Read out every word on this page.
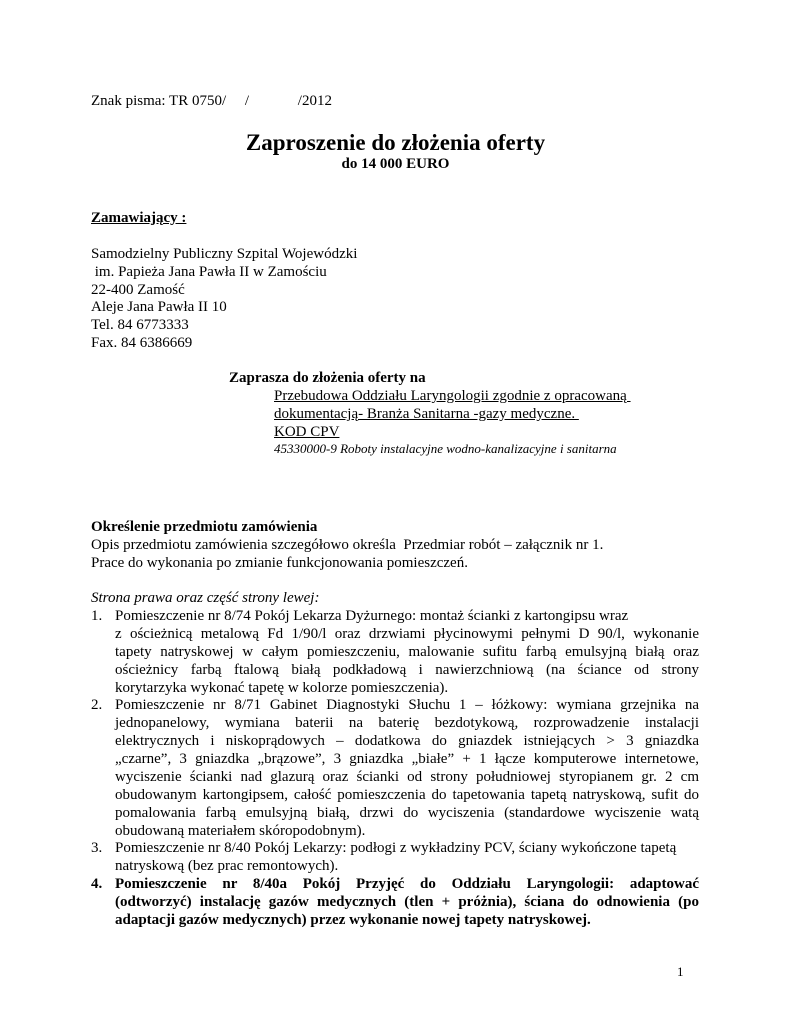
Znak pisma: TR 0750/     /             /2012
Zaproszenie do złożenia oferty
do 14 000 EURO
Zamawiający :
Samodzielny Publiczny Szpital Wojewódzki
im. Papieża Jana Pawła II w Zamościu
22-400 Zamość
Aleje Jana Pawła II 10
Tel. 84 6773333
Fax. 84 6386669
Zaprasza do złożenia oferty na
Przebudowa Oddziału Laryngologii zgodnie z opracowaną
dokumentacją- Branża Sanitarna -gazy medyczne.
KOD CPV
45330000-9 Roboty instalacyjne wodno-kanalizacyjne i sanitarna
Określenie przedmiotu zamówienia
Opis przedmiotu zamówienia szczegółowo określa  Przedmiar robót – załącznik nr 1.
Prace do wykonania po zmianie funkcjonowania pomieszczeń.
Strona prawa oraz część strony lewej:
1. Pomieszczenie nr 8/74 Pokój Lekarza Dyżurnego: montaż ścianki z kartongipsu wraz
z ościeżnicą metalową Fd 1/90/l oraz drzwiami płycinowymi pełnymi D 90/l, wykonanie
tapety natryskowej w całym pomieszczeniu, malowanie sufitu farbą emulsyjną białą oraz
ościeżnicy farbą ftalową białą podkładową i nawierzchniową (na ściance od strony
korytarzyka wykonać tapetę w kolorze pomieszczenia).
2. Pomieszczenie nr 8/71 Gabinet Diagnostyki Słuchu 1 – łóżkowy: wymiana grzejnika na
jednopanelowy, wymiana baterii na baterię bezdotykową, rozprowadzenie instalacji
elektrycznych i niskoprądowych – dodatkowa do gniazdek istniejących > 3 gniazdka
„czarne”, 3 gniazdka „brązowe”, 3 gniazdka „białe” + 1 łącze komputerowe internetowe,
wyciszenie ścianki nad glazurą oraz ścianki od strony południowej styropianem gr. 2 cm
obudowanym kartongipsem, całość pomieszczenia do tapetowania tapetą natryskową, sufit do
pomalowania farbą emulsyjną białą, drzwi do wyciszenia (standardowe wyciszenie watą
obudowaną materiałem skóropodobnym).
3. Pomieszczenie nr 8/40 Pokój Lekarzy: podłogi z wykładziny PCV, ściany wykończone tapetą
natryskową (bez prac remontowych).
4. Pomieszczenie nr 8/40a Pokój Przyjęć do Oddziału Laryngologii: adaptować
(odtworzyć) instalację gazów medycznych (tlen + próżnia), ściana do odnowienia (po
adaptacji gazów medycznych) przez wykonanie nowej tapety natryskowej.
1
